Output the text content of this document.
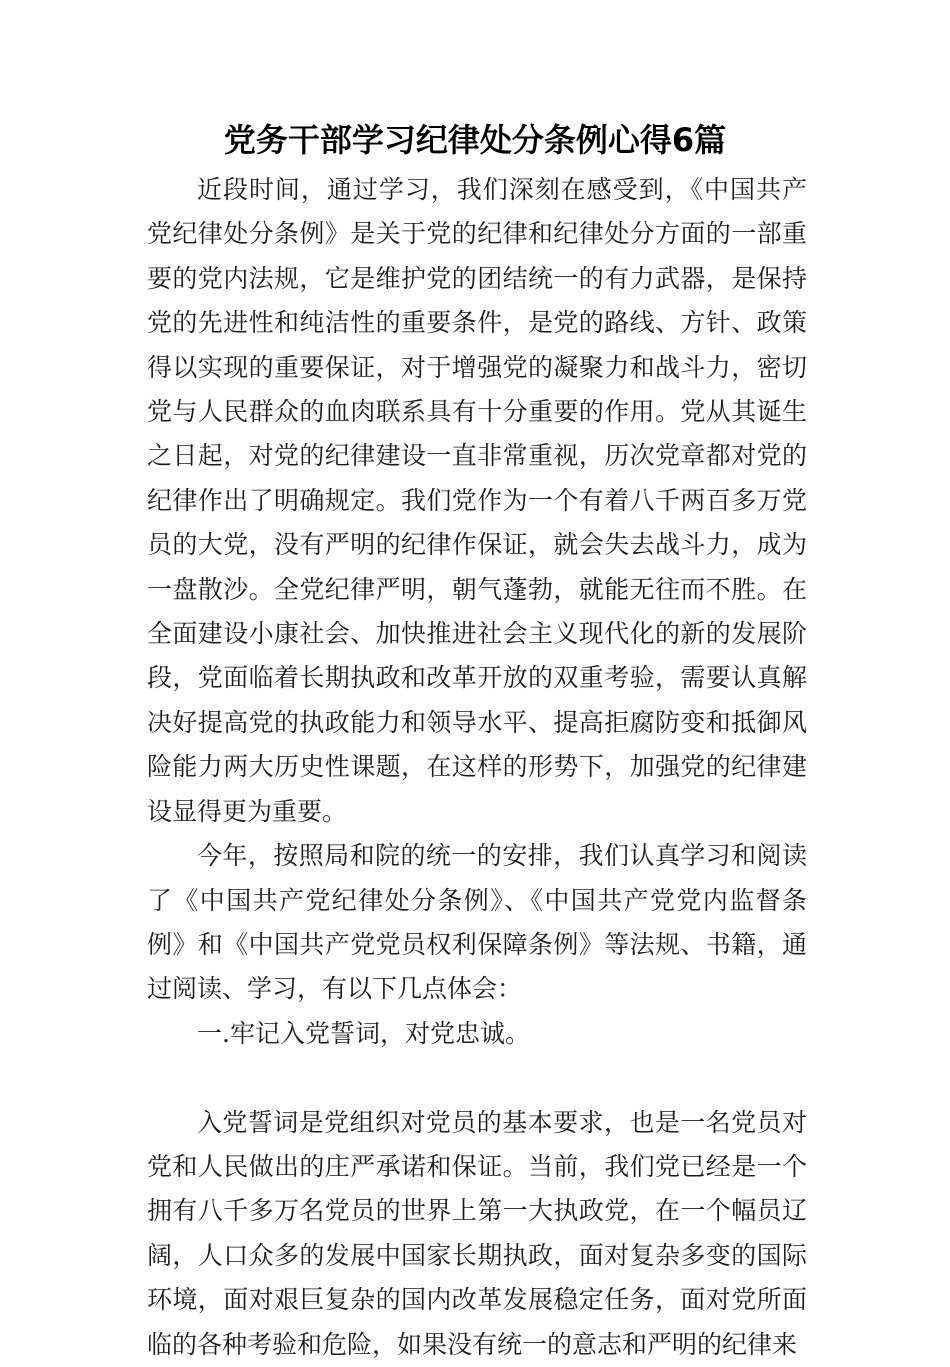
党务干部学习纪律处分条例心得6篇

近段时间，通过学习，我们深刻在感受到，《中国共产党纪律处分条例》是关于党的纪律和纪律处分方面的一部重要的党内法规，它是维护党的团结统一的有力武器，是保持党的先进性和纯洁性的重要条件，是党的路线、方针、政策得以实现的重要保证，对于增强党的凝聚力和战斗力，密切党与人民群众的血肉联系具有十分重要的作用。党从其诞生之日起，对党的纪律建设一直非常重视，历次党章都对党的纪律作出了明确规定。我们党作为一个有着八千两百多万党员的大党，没有严明的纪律作保证，就会失去战斗力，成为一盘散沙。全党纪律严明，朝气蓬勃，就能无往而不胜。在全面建设小康社会、加快推进社会主义现代化的新的发展阶段，党面临着长期执政和改革开放的双重考验，需要认真解决好提高党的执政能力和领导水平、提高拒腐防变和抵御风险能力两大历史性课题，在这样的形势下，加强党的纪律建设显得更为重要。

今年，按照局和院的统一的安排，我们认真学习和阅读了《中国共产党纪律处分条例》、《中国共产党党内监督条例》和《中国共产党党员权利保障条例》等法规、书籍，通过阅读、学习，有以下几点体会：

一.牢记入党誓词，对党忠诚。

入党誓词是党组织对党员的基本要求，也是一名党员对党和人民做出的庄严承诺和保证。当前，我们党已经是一个拥有八千多万名党员的世界上第一大执政党，在一个幅员辽阔，人口众多的发展中国家长期执政，面对复杂多变的国际环境，面对艰巨复杂的国内改革发展稳定任务，面对党所面临的各种考验和危险，如果没有统一的意志和严明的纪律来
